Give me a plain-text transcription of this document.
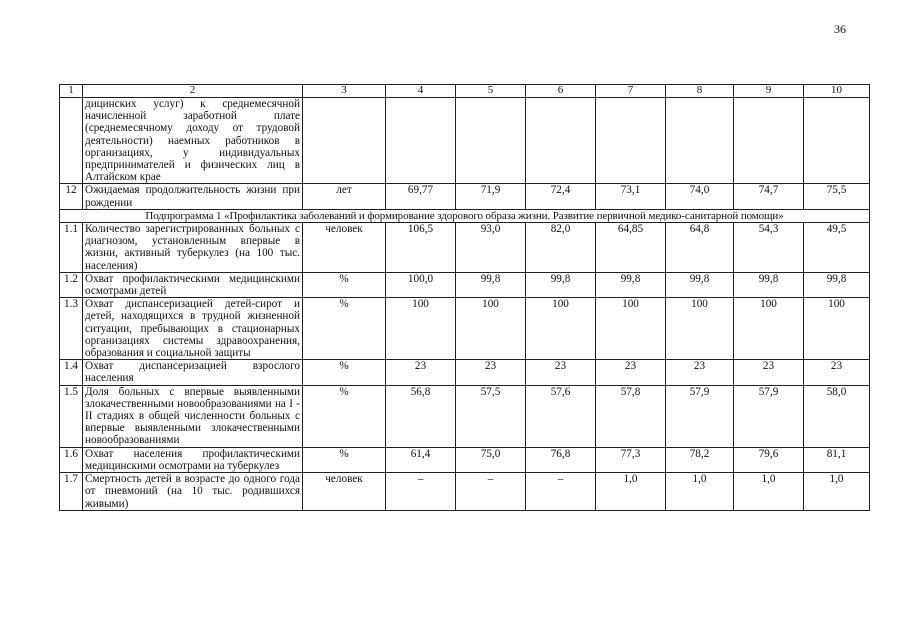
36
1	2	3	4	5	6	7	8	9	10
	дицинских услуг) к среднемесячной начисленной заработной плате (среднемесячному доходу от трудовой деятельности) наемных работников в организациях, у индивидуальных предпринимателей и физических лиц в Алтайском крае								
12	Ожидаемая продолжительность жизни при рождении	лет	69,77	71,9	72,4	73,1	74,0	74,7	75,5
Подпрограмма 1 «Профилактика заболеваний и формирование здорового образа жизни. Развитие первичной медико-санитарной помощи»									
1.1	Количество зарегистрированных больных с диагнозом, установленным впервые в жизни, активный туберкулез (на 100 тыс. населения)	человек	106,5	93,0	82,0	64,85	64,8	54,3	49,5
1.2	Охват профилактическими медицинскими осмотрами детей	%	100,0	99,8	99,8	99,8	99,8	99,8	99,8
1.3	Охват диспансеризацией детей-сирот и детей, находящихся в трудной жизненной ситуации, пребывающих в стационарных организациях системы здравоохранения, образования и социальной защиты	%	100	100	100	100	100	100	100
1.4	Охват диспансеризацией взрослого населения	%	23	23	23	23	23	23	23
1.5	Доля больных с впервые выявленными злокачественными новообразованиями на I - II стадиях в общей численности больных с впервые выявленными злокачественными новообразованиями	%	56,8	57,5	57,6	57,8	57,9	57,9	58,0
1.6	Охват населения профилактическими медицинскими осмотрами на туберкулез	%	61,4	75,0	76,8	77,3	78,2	79,6	81,1
1.7	Смертность детей в возрасте до одного года от пневмоний (на 10 тыс. родившихся живыми)	человек	–	–	–	1,0	1,0	1,0	1,0
